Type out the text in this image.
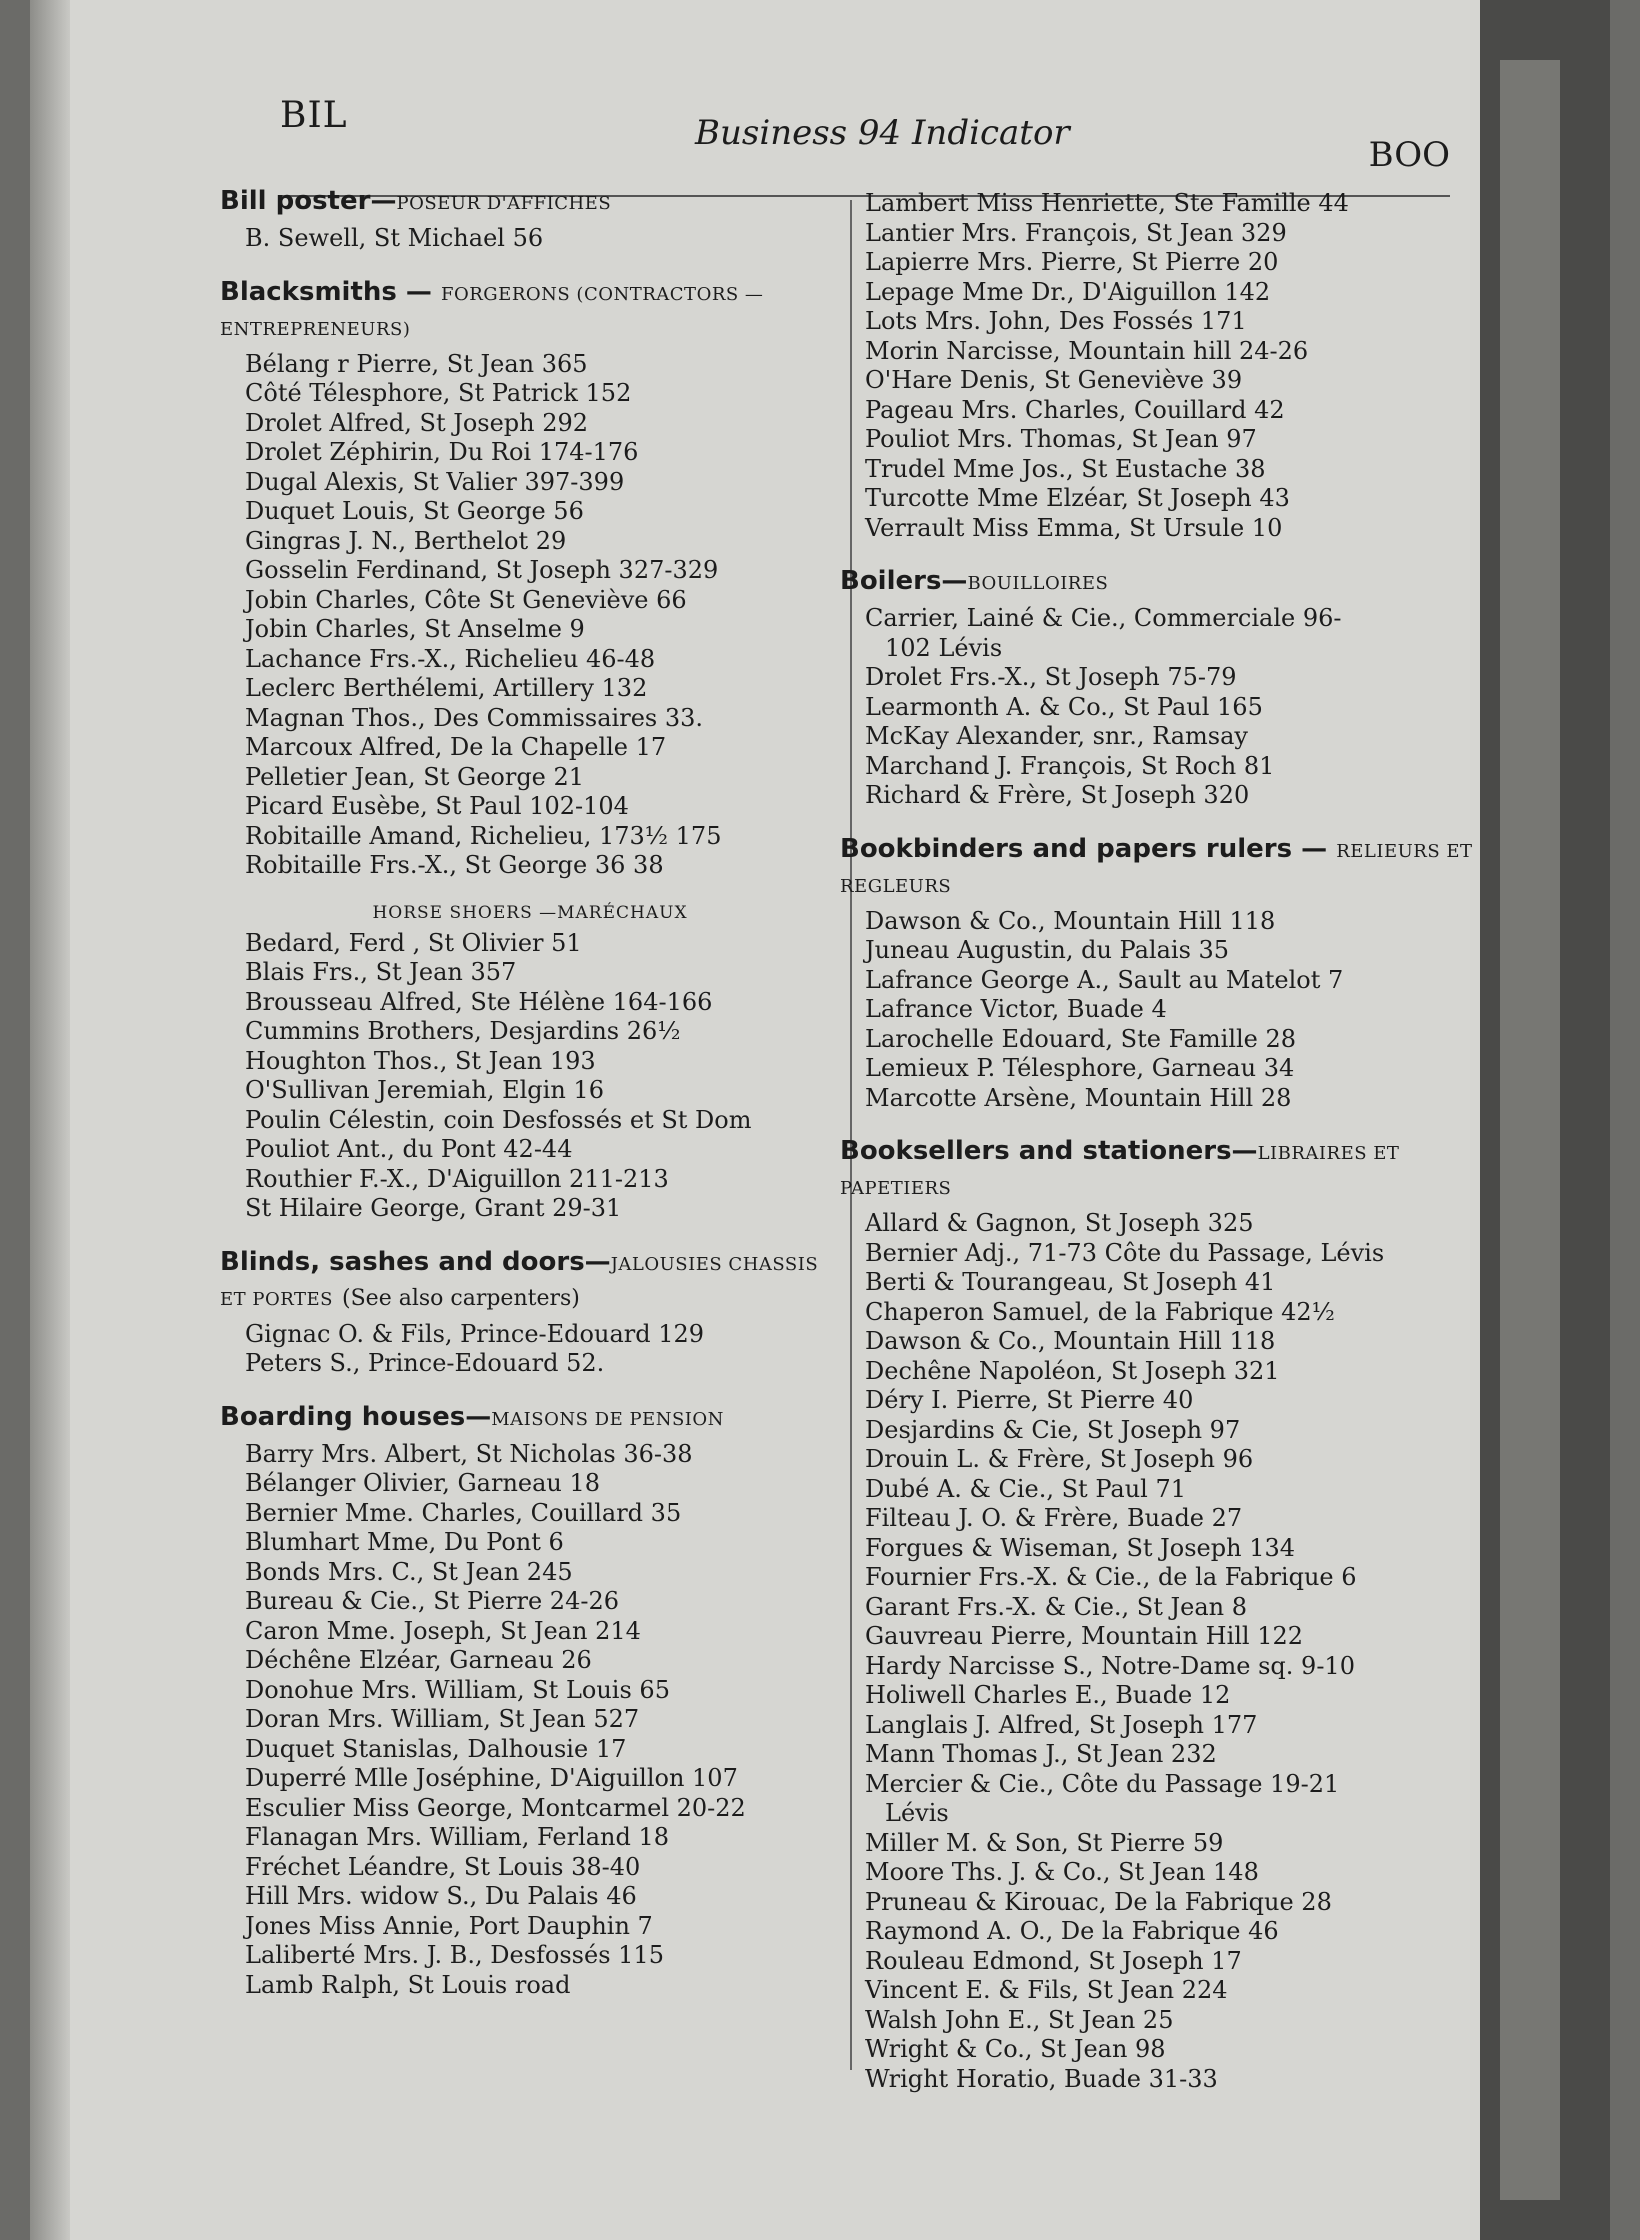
BIL	Business 94 Indicator
BOO
Bill poster—POSEUR D'AFFICHES
B. Sewell, St Michael 56
Blacksmiths — FORGERONS (CONTRACTORS — ENTREPRENEURS)
Bélang r Pierre, St Jean 365
Côté Télesphore, St Patrick 152
Drolet Alfred, St Joseph 292
Drolet Zéphirin, Du Roi 174-176
Dugal Alexis, St Valier 397-399
Duquet Louis, St George 56
Gingras J. N., Berthelot 29
Gosselin Ferdinand, St Joseph 327-329
Jobin Charles, Côte St Geneviève 66
Jobin Charles, St Anselme 9
Lachance Frs.-X., Richelieu 46-48
Leclerc Berthélemi, Artillery 132
Magnan Thos., Des Commissaires 33.
Marcoux Alfred, De la Chapelle 17
Pelletier Jean, St George 21
Picard Eusèbe, St Paul 102-104
Robitaille Amand, Richelieu, 173½ 175
Robitaille Frs.-X., St George 36 38
HORSE SHOERS —MARÉCHAUX
Bedard, Ferd , St Olivier 51
Blais Frs., St Jean 357
Brousseau Alfred, Ste Hélène 164-166
Cummins Brothers, Desjardins 26½
Houghton Thos., St Jean 193
O'Sullivan Jeremiah, Elgin 16
Poulin Célestin, coin Desfossés et St Dom
Pouliot Ant., du Pont 42-44
Routhier F.-X., D'Aiguillon 211-213
St Hilaire George, Grant 29-31
Blinds, sashes and doors—JALOUSIES CHASSIS ET PORTES (See also carpenters)
Gignac O. & Fils, Prince-Edouard 129
Peters S., Prince-Edouard 52.
Boarding houses—MAISONS DE PENSION
Barry Mrs. Albert, St Nicholas 36-38
Bélanger Olivier, Garneau 18
Bernier Mme. Charles, Couillard 35
Blumhart Mme, Du Pont 6
Bonds Mrs. C., St Jean 245
Bureau & Cie., St Pierre 24-26
Caron Mme. Joseph, St Jean 214
Déchêne Elzéar, Garneau 26
Donohue Mrs. William, St Louis 65
Doran Mrs. William, St Jean 527
Duquet Stanislas, Dalhousie 17
Duperré Mlle Joséphine, D'Aiguillon 107
Esculier Miss George, Montcarmel 20-22
Flanagan Mrs. William, Ferland 18
Fréchet Léandre, St Louis 38-40
Hill Mrs. widow S., Du Palais 46
Jones Miss Annie, Port Dauphin 7
Laliberté Mrs. J. B., Desfossés 115
Lamb Ralph, St Louis road
Lambert Miss Henriette, Ste Famille 44
Lantier Mrs. François, St Jean 329
Lapierre Mrs. Pierre, St Pierre 20
Lepage Mme Dr., D'Aiguillon 142
Lots Mrs. John, Des Fossés 171
Morin Narcisse, Mountain hill 24-26
O'Hare Denis, St Geneviève 39
Pageau Mrs. Charles, Couillard 42
Pouliot Mrs. Thomas, St Jean 97
Trudel Mme Jos., St Eustache 38
Turcotte Mme Elzéar, St Joseph 43
Verrault Miss Emma, St Ursule 10
Boilers—BOUILLOIRES
Carrier, Lainé & Cie., Commerciale 96-
102 Lévis
Drolet Frs.-X., St Joseph 75-79
Learmonth A. & Co., St Paul 165
McKay Alexander, snr., Ramsay
Marchand J. François, St Roch 81
Richard & Frère, St Joseph 320
Bookbinders and papers rulers — RELIEURS ET REGLEURS
Dawson & Co., Mountain Hill 118
Juneau Augustin, du Palais 35
Lafrance George A., Sault au Matelot 7
Lafrance Victor, Buade 4
Larochelle Edouard, Ste Famille 28
Lemieux P. Télesphore, Garneau 34
Marcotte Arsène, Mountain Hill 28
Booksellers and stationers—LIBRAIRES ET PAPETIERS
Allard & Gagnon, St Joseph 325
Bernier Adj., 71-73 Côte du Passage, Lévis
Berti & Tourangeau, St Joseph 41
Chaperon Samuel, de la Fabrique 42½
Dawson & Co., Mountain Hill 118
Dechêne Napoléon, St Joseph 321
Déry I. Pierre, St Pierre 40
Desjardins & Cie, St Joseph 97
Drouin L. & Frère, St Joseph 96
Dubé A. & Cie., St Paul 71
Filteau J. O. & Frère, Buade 27
Forgues & Wiseman, St Joseph 134
Fournier Frs.-X. & Cie., de la Fabrique 6
Garant Frs.-X. & Cie., St Jean 8
Gauvreau Pierre, Mountain Hill 122
Hardy Narcisse S., Notre-Dame sq. 9-10
Holiwell Charles E., Buade 12
Langlais J. Alfred, St Joseph 177
Mann Thomas J., St Jean 232
Mercier & Cie., Côte du Passage 19-21
Lévis
Miller M. & Son, St Pierre 59
Moore Ths. J. & Co., St Jean 148
Pruneau & Kirouac, De la Fabrique 28
Raymond A. O., De la Fabrique 46
Rouleau Edmond, St Joseph 17
Vincent E. & Fils, St Jean 224
Walsh John E., St Jean 25
Wright & Co., St Jean 98
Wright Horatio, Buade 31-33
